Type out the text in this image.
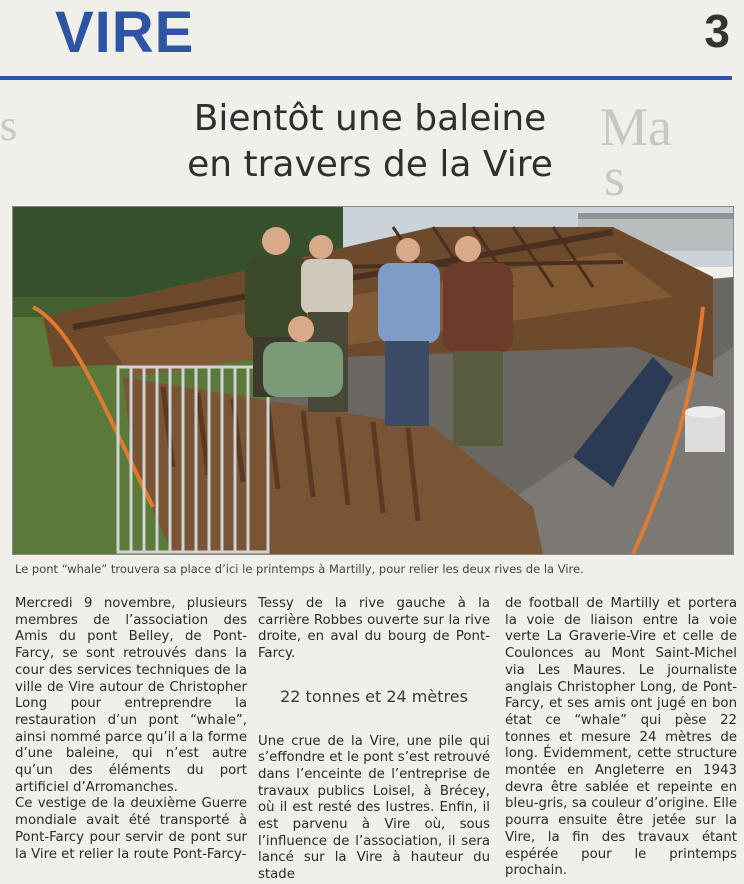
Ma
s
s
VIRE	3
Bientôt une baleine
en travers de la Vire
Le pont “whale” trouvera sa place d’ici le printemps à Martilly, pour relier les deux rives de la Vire.

Mercredi 9 novembre, plusieurs membres de l’association des Amis du pont Belley, de Pont-Farcy, se sont retrouvés dans la cour des services techniques de la ville de Vire autour de Christopher Long pour entreprendre la restauration d’un pont “whale”, ainsi nommé parce qu’il a la forme d’une baleine, qui n’est autre qu’un des éléments du port artificiel d’Arromanches.

Ce vestige de la deuxième Guerre mondiale avait été transporté à Pont-Farcy pour servir de pont sur la Vire et relier la route Pont-Farcy-

Tessy de la rive gauche à la carrière Robbes ouverte sur la rive droite, en aval du bourg de Pont-Farcy.

22 tonnes et 24 mètres

Une crue de la Vire, une pile qui s’effondre et le pont s’est retrouvé dans l’enceinte de l’entreprise de travaux publics Loisel, à Brécey, où il est resté des lustres. Enfin, il est parvenu à Vire où, sous l’influence de l’association, il sera lancé sur la Vire à hauteur du stade

de football de Martilly et portera la voie de liaison entre la voie verte La Graverie-Vire et celle de Coulonces au Mont Saint-Michel via Les Maures. Le journaliste anglais Christopher Long, de Pont-Farcy, et ses amis ont jugé en bon état ce “whale” qui pèse 22 tonnes et mesure 24 mètres de long. Évidemment, cette structure montée en Angleterre en 1943 devra être sablée et repeinte en bleu-gris, sa couleur d’origine. Elle pourra ensuite être jetée sur la Vire, la fin des travaux étant espérée pour le printemps prochain.
